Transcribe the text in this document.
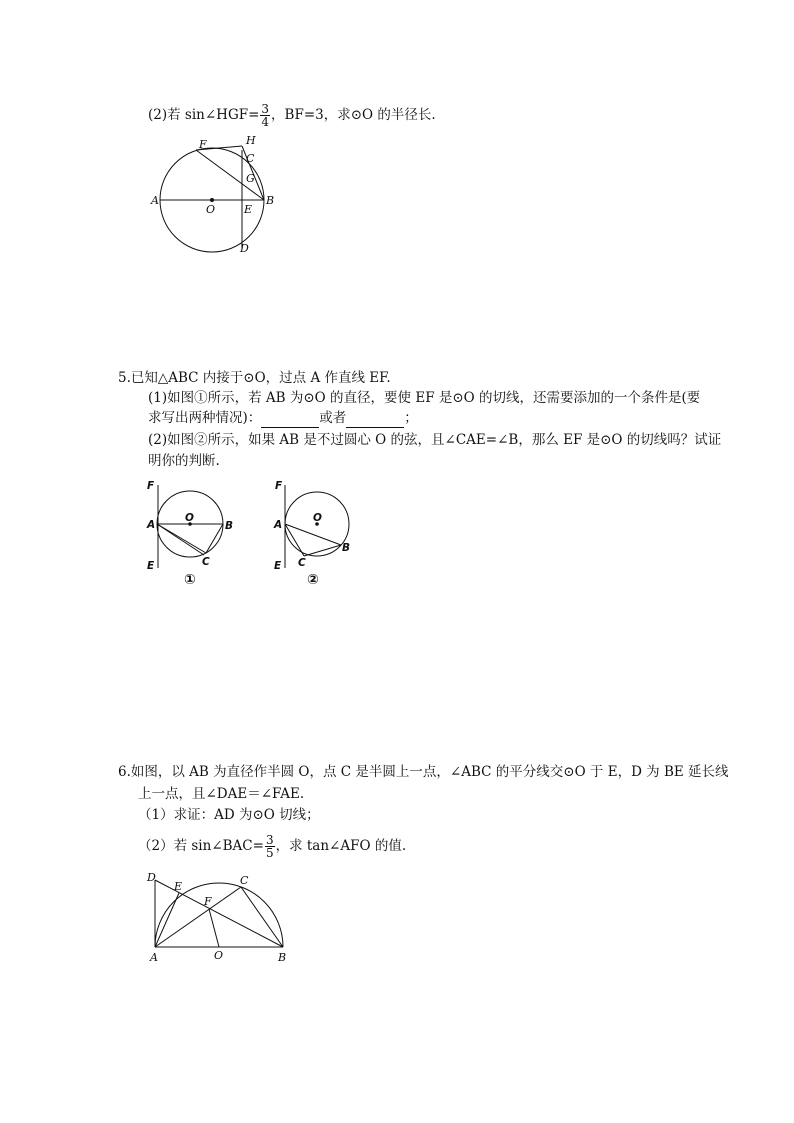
(2)若 sin∠HGF= $\frac{3}{4}$ ，BF=3，求⊙O 的半径长.
A	B
O	E
F	H
C
G
D
5.已知△ABC 内接于⊙O，过点 A 作直线 EF.
(1)如图①所示，若 AB 为⊙O 的直径，要使 EF 是⊙O 的切线，还需要添加的一个条件是(要
求写出两种情况)：	或者	；
(2)如图②所示，如果 AB 是不过圆心 O 的弦，且∠CAE=∠B，那么 EF 是⊙O 的切线吗？试证
明你的判断.
F
A
O
B
C
E
①
F
A
O
B
C
E
②
6.如图，以 AB 为直径作半圆 O，点 C 是半圆上一点，∠ABC 的平分线交⊙O 于 E，D 为 BE 延长线
上一点，且∠DAE＝∠FAE.
（1）求证：AD 为⊙O 切线；
（2）若 sin∠BAC= $\frac{3}{5}$ ，求 tan∠AFO 的值.
D
E	C
F
A	O	B
